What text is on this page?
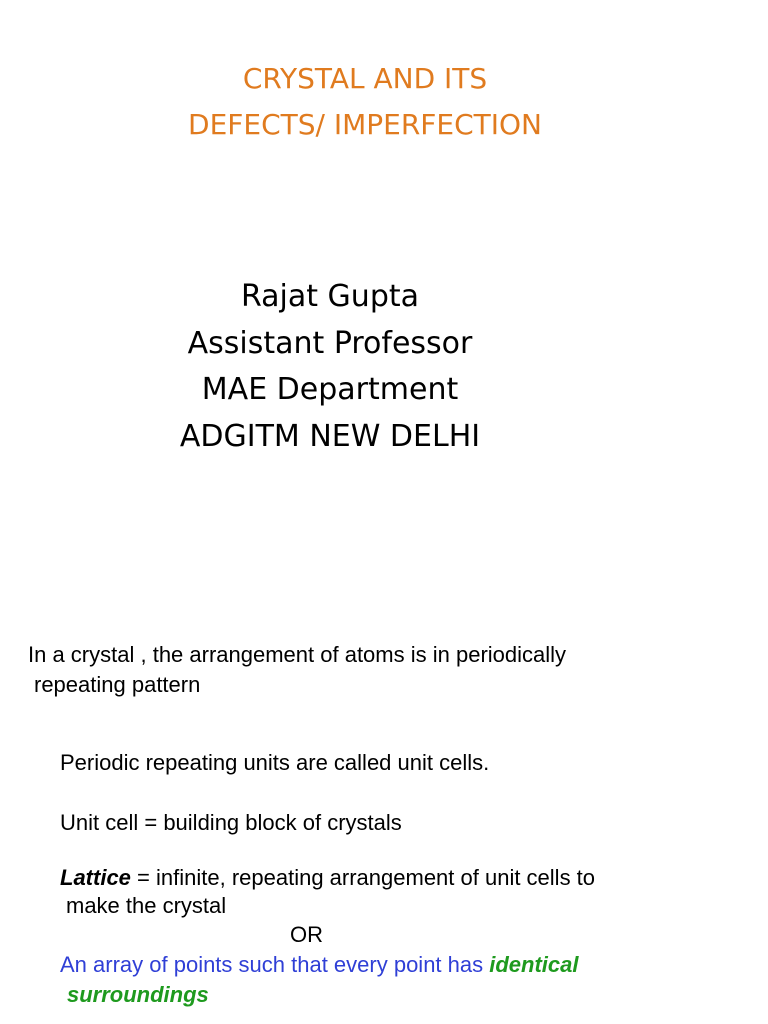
CRYSTAL AND ITS
DEFECTS/ IMPERFECTION
Rajat Gupta
Assistant Professor
MAE Department
ADGITM NEW DELHI
In a crystal , the arrangement of atoms is in periodically
repeating pattern
Periodic repeating units are called unit cells.
Unit cell = building block of crystals
Lattice = infinite, repeating arrangement of unit cells to
make the crystal
OR
An array of points such that every point has identical
surroundings
